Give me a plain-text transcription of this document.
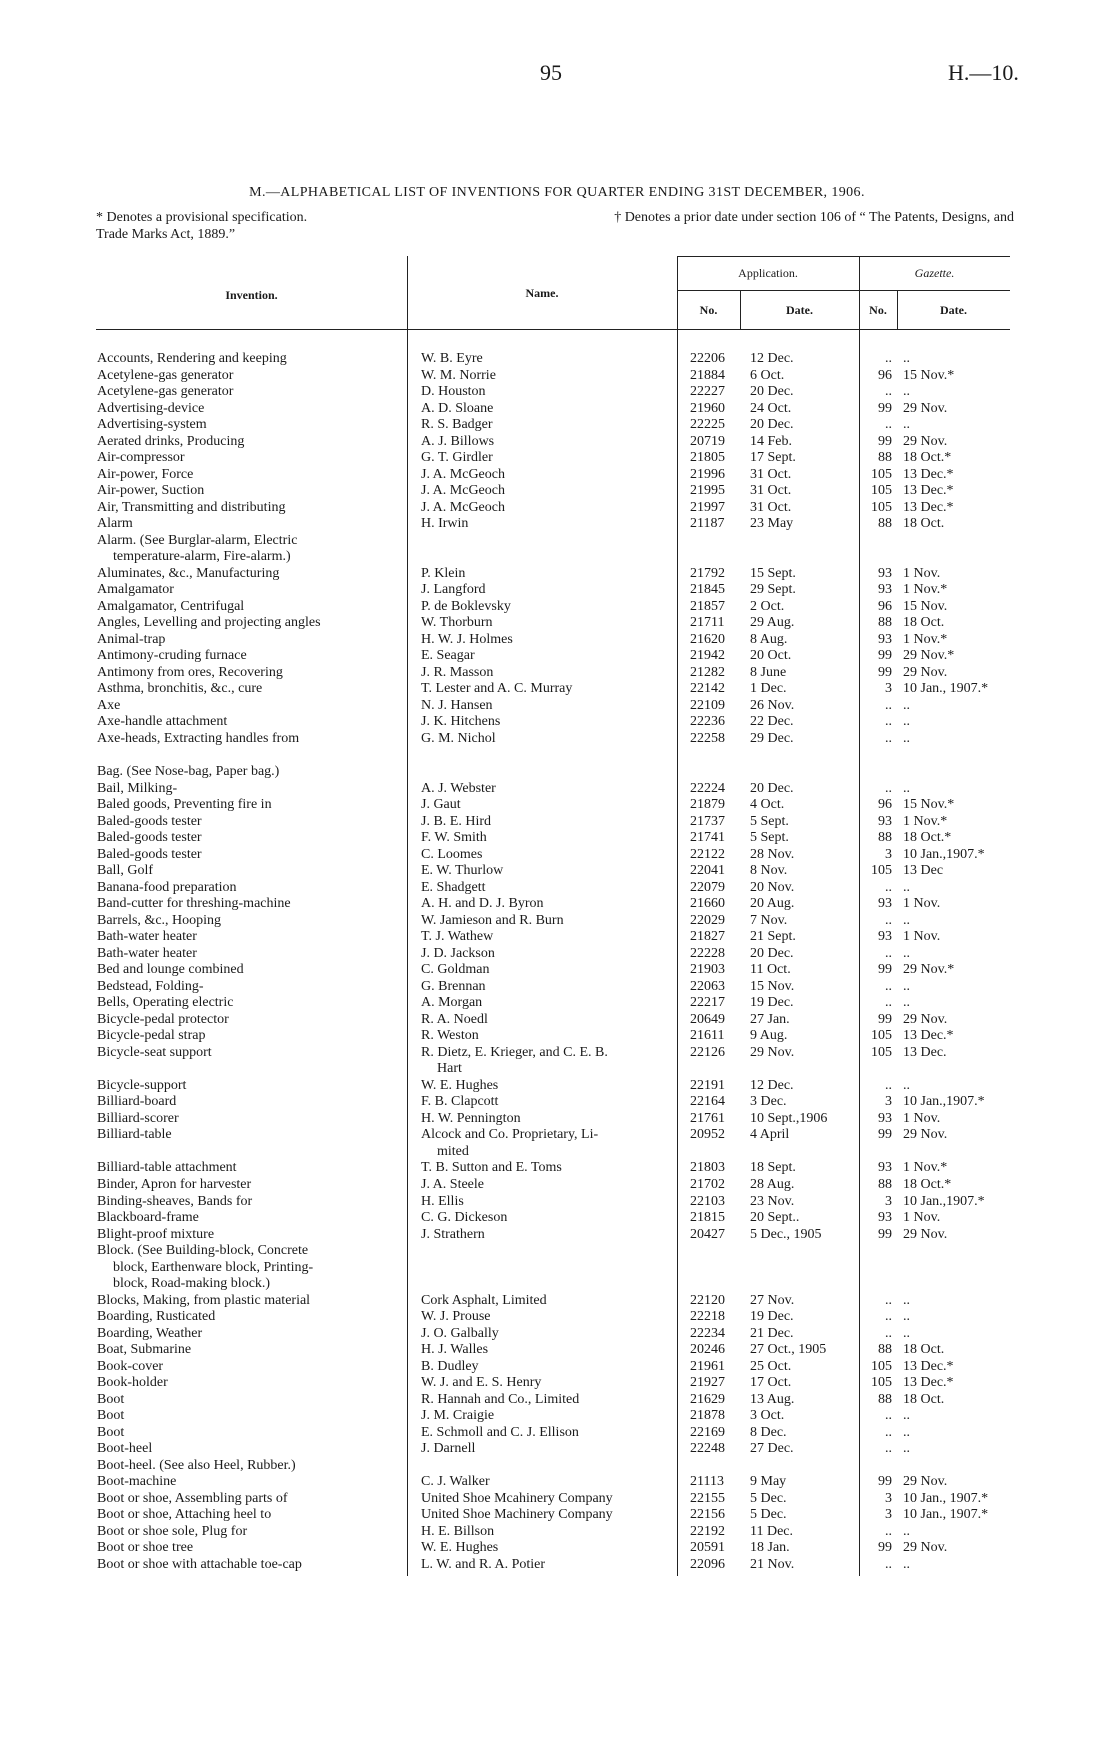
95	H.—10.
M.—ALPHABETICAL LIST OF INVENTIONS FOR QUARTER ENDING 31ST DECEMBER, 1906.
* Denotes a provisional specification.	† Denotes a prior date under section 106 of “ The Patents, Designs, and
Trade Marks Act, 1889.”
Invention.	Name.
Application.	Gazette.
No.	Date.	No.	Date.
Accounts, Rendering and keeping	W. B. Eyre	22206 12 Dec.	.. ..
Acetylene-gas generator	W. M. Norrie	21884 6 Oct.	96 15 Nov.*
Acetylene-gas generator	D. Houston	22227 20 Dec.	.. ..
Advertising-device	A. D. Sloane	21960 24 Oct.	99 29 Nov.
Advertising-system	R. S. Badger	22225 20 Dec.	.. ..
Aerated drinks, Producing	A. J. Billows	20719 14 Feb.	99 29 Nov.
Air-compressor	G. T. Girdler	21805 17 Sept.	88 18 Oct.*
Air-power, Force	J. A. McGeoch	21996 31 Oct.	105 13 Dec.*
Air-power, Suction	J. A. McGeoch	21995 31 Oct.	105 13 Dec.*
Air, Transmitting and distributing	J. A. McGeoch	21997 31 Oct.	105 13 Dec.*
Alarm	H. Irwin	21187 23 May	88 18 Oct.
Alarm. (See Burglar-alarm, Electric
temperature-alarm, Fire-alarm.)
Aluminates, &c., Manufacturing	P. Klein	21792 15 Sept.	93 1 Nov.
Amalgamator	J. Langford	21845 29 Sept.	93 1 Nov.*
Amalgamator, Centrifugal	P. de Boklevsky	21857 2 Oct.	96 15 Nov.
Angles, Levelling and projecting angles	W. Thorburn	21711 29 Aug.	88 18 Oct.
Animal-trap	H. W. J. Holmes	21620 8 Aug.	93 1 Nov.*
Antimony-cruding furnace	E. Seagar	21942 20 Oct.	99 29 Nov.*
Antimony from ores, Recovering	J. R. Masson	21282 8 June	99 29 Nov.
Asthma, bronchitis, &c., cure	T. Lester and A. C. Murray	22142 1 Dec.	3 10 Jan., 1907.*
Axe	N. J. Hansen	22109 26 Nov.	.. ..
Axe-handle attachment	J. K. Hitchens	22236 22 Dec.	.. ..
Axe-heads, Extracting handles from	G. M. Nichol	22258 29 Dec.	.. ..
Bag. (See Nose-bag, Paper bag.)
Bail, Milking-	A. J. Webster	22224 20 Dec.	.. ..
Baled goods, Preventing fire in	J. Gaut	21879 4 Oct.	96 15 Nov.*
Baled-goods tester	J. B. E. Hird	21737 5 Sept.	93 1 Nov.*
Baled-goods tester	F. W. Smith	21741 5 Sept.	88 18 Oct.*
Baled-goods tester	C. Loomes	22122 28 Nov.	3 10 Jan.,1907.*
Ball, Golf	E. W. Thurlow	22041 8 Nov.	105 13 Dec
Banana-food preparation	E. Shadgett	22079 20 Nov.	.. ..
Band-cutter for threshing-machine	A. H. and D. J. Byron	21660 20 Aug.	93 1 Nov.
Barrels, &c., Hooping	W. Jamieson and R. Burn	22029 7 Nov.	.. ..
Bath-water heater	T. J. Wathew	21827 21 Sept.	93 1 Nov.
Bath-water heater	J. D. Jackson	22228 20 Dec.	.. ..
Bed and lounge combined	C. Goldman	21903 11 Oct.	99 29 Nov.*
Bedstead, Folding-	G. Brennan	22063 15 Nov.	.. ..
Bells, Operating electric	A. Morgan	22217 19 Dec.	.. ..
Bicycle-pedal protector	R. A. Noedl	20649 27 Jan.	99 29 Nov.
Bicycle-pedal strap	R. Weston	21611 9 Aug.	105 13 Dec.*
Bicycle-seat support	R. Dietz, E. Krieger, and C. E. B.	22126 29 Nov.	105 13 Dec.
Hart
Bicycle-support	W. E. Hughes	22191 12 Dec.	.. ..
Billiard-board	F. B. Clapcott	22164 3 Dec.	3 10 Jan.,1907.*
Billiard-scorer	H. W. Pennington	21761 10 Sept.,1906	93 1 Nov.
Billiard-table	Alcock and Co. Proprietary, Li-	20952 4 April	99 29 Nov.
mited
Billiard-table attachment	T. B. Sutton and E. Toms	21803 18 Sept.	93 1 Nov.*
Binder, Apron for harvester	J. A. Steele	21702 28 Aug.	88 18 Oct.*
Binding-sheaves, Bands for	H. Ellis	22103 23 Nov.	3 10 Jan.,1907.*
Blackboard-frame	C. G. Dickeson	21815 20 Sept..	93 1 Nov.
Blight-proof mixture	J. Strathern	20427 5 Dec., 1905	99 29 Nov.
Block. (See Building-block, Concrete
block, Earthenware block, Printing-
block, Road-making block.)
Blocks, Making, from plastic material	Cork Asphalt, Limited	22120 27 Nov.	.. ..
Boarding, Rusticated	W. J. Prouse	22218 19 Dec.	.. ..
Boarding, Weather	J. O. Galbally	22234 21 Dec.	.. ..
Boat, Submarine	H. J. Walles	20246 27 Oct., 1905	88 18 Oct.
Book-cover	B. Dudley	21961 25 Oct.	105 13 Dec.*
Book-holder	W. J. and E. S. Henry	21927 17 Oct.	105 13 Dec.*
Boot	R. Hannah and Co., Limited	21629 13 Aug.	88 18 Oct.
Boot	J. M. Craigie	21878 3 Oct.	.. ..
Boot	E. Schmoll and C. J. Ellison	22169 8 Dec.	.. ..
Boot-heel	J. Darnell	22248 27 Dec.	.. ..
Boot-heel. (See also Heel, Rubber.)
Boot-machine	C. J. Walker	21113 9 May	99 29 Nov.
Boot or shoe, Assembling parts of	United Shoe Mcahinery Company	22155 5 Dec.	3 10 Jan., 1907.*
Boot or shoe, Attaching heel to	United Shoe Machinery Company	22156 5 Dec.	3 10 Jan., 1907.*
Boot or shoe sole, Plug for	H. E. Billson	22192 11 Dec.	.. ..
Boot or shoe tree	W. E. Hughes	20591 18 Jan.	99 29 Nov.
Boot or shoe with attachable toe-cap	L. W. and R. A. Potier	22096 21 Nov.	.. ..
